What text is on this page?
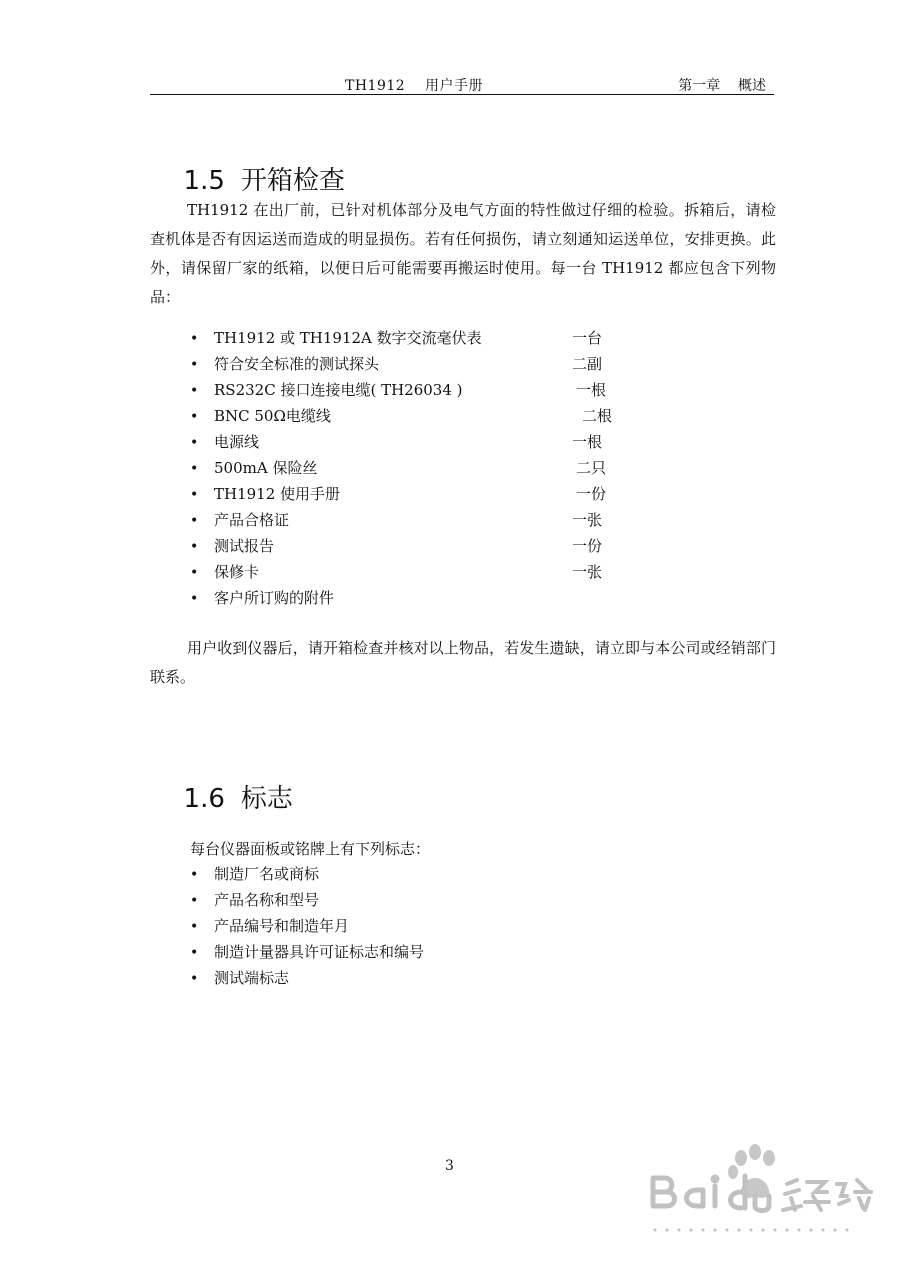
TH1912    用户手册	第一章    概述

1.5 开箱检查

TH1912 在出厂前，已针对机体部分及电气方面的特性做过仔细的检验。拆箱后，请检查机体是否有因运送而造成的明显损伤。若有任何损伤，请立刻通知运送单位，安排更换。此外，请保留厂家的纸箱，以便日后可能需要再搬运时使用。每一台 TH1912 都应包含下列物品：

• TH1912 或 TH1912A 数字交流毫伏表	一台
• 符合安全标准的测试探头	二副
• RS232C 接口连接电缆( TH26034 )	一根
• BNC 50Ω电缆线	二根
• 电源线	一根
• 500mA 保险丝	二只
• TH1912 使用手册	一份
• 产品合格证	一张
• 测试报告	一份
• 保修卡	一张
• 客户所订购的附件

用户收到仪器后，请开箱检查并核对以上物品，若发生遗缺，请立即与本公司或经销部门联系。

1.6 标志

每台仪器面板或铭牌上有下列标志：

• 制造厂名或商标
• 产品名称和型号
• 产品编号和制造年月
• 制造计量器具许可证标志和编号
• 测试端标志
3
